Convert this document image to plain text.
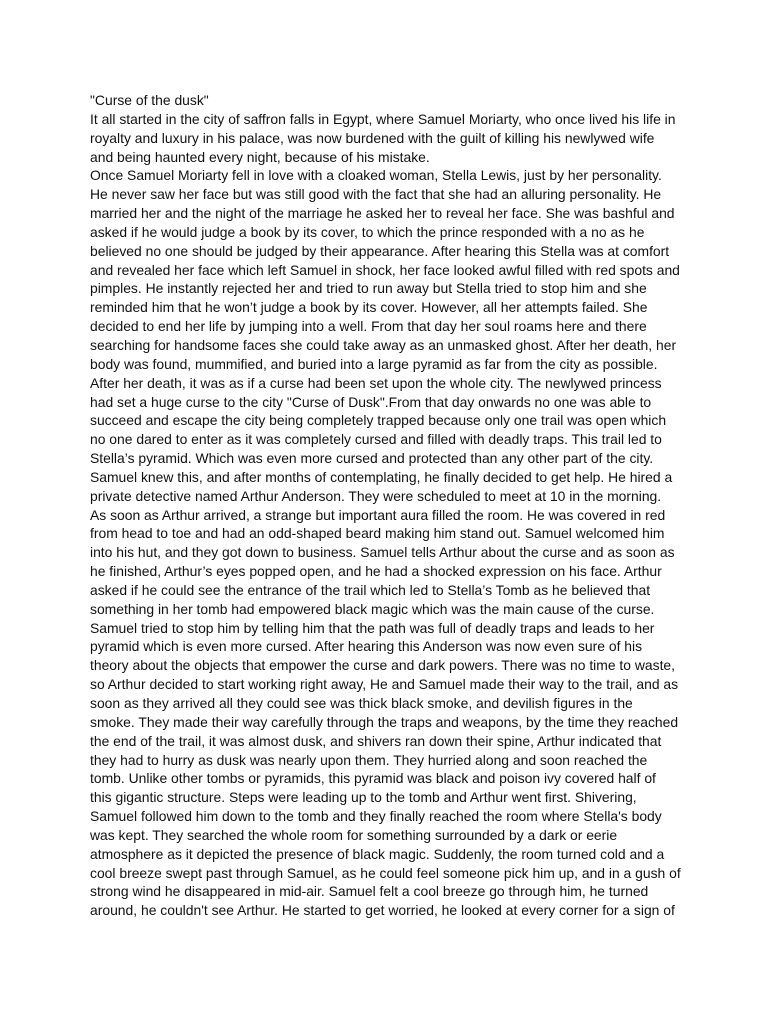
"Curse of the dusk"
It all started in the city of saffron falls in Egypt, where Samuel Moriarty, who once lived his life in
royalty and luxury in his palace, was now burdened with the guilt of killing his newlywed wife
and being haunted every night, because of his mistake.
Once Samuel Moriarty fell in love with a cloaked woman, Stella Lewis, just by her personality.
He never saw her face but was still good with the fact that she had an alluring personality. He
married her and the night of the marriage he asked her to reveal her face. She was bashful and
asked if he would judge a book by its cover, to which the prince responded with a no as he
believed no one should be judged by their appearance. After hearing this Stella was at comfort
and revealed her face which left Samuel in shock, her face looked awful filled with red spots and
pimples. He instantly rejected her and tried to run away but Stella tried to stop him and she
reminded him that he won’t judge a book by its cover. However, all her attempts failed. She
decided to end her life by jumping into a well. From that day her soul roams here and there
searching for handsome faces she could take away as an unmasked ghost. After her death, her
body was found, mummified, and buried into a large pyramid as far from the city as possible.
After her death, it was as if a curse had been set upon the whole city. The newlywed princess
had set a huge curse to the city "Curse of Dusk".From that day onwards no one was able to
succeed and escape the city being completely trapped because only one trail was open which
no one dared to enter as it was completely cursed and filled with deadly traps. This trail led to
Stella’s pyramid. Which was even more cursed and protected than any other part of the city.
Samuel knew this, and after months of contemplating, he finally decided to get help. He hired a
private detective named Arthur Anderson. They were scheduled to meet at 10 in the morning.
As soon as Arthur arrived, a strange but important aura filled the room. He was covered in red
from head to toe and had an odd-shaped beard making him stand out. Samuel welcomed him
into his hut, and they got down to business. Samuel tells Arthur about the curse and as soon as
he finished, Arthur’s eyes popped open, and he had a shocked expression on his face. Arthur
asked if he could see the entrance of the trail which led to Stella’s Tomb as he believed that
something in her tomb had empowered black magic which was the main cause of the curse.
Samuel tried to stop him by telling him that the path was full of deadly traps and leads to her
pyramid which is even more cursed. After hearing this Anderson was now even sure of his
theory about the objects that empower the curse and dark powers. There was no time to waste,
so Arthur decided to start working right away, He and Samuel made their way to the trail, and as
soon as they arrived all they could see was thick black smoke, and devilish figures in the
smoke. They made their way carefully through the traps and weapons, by the time they reached
the end of the trail, it was almost dusk, and shivers ran down their spine, Arthur indicated that
they had to hurry as dusk was nearly upon them. They hurried along and soon reached the
tomb. Unlike other tombs or pyramids, this pyramid was black and poison ivy covered half of
this gigantic structure. Steps were leading up to the tomb and Arthur went first. Shivering,
Samuel followed him down to the tomb and they finally reached the room where Stella's body
was kept. They searched the whole room for something surrounded by a dark or eerie
atmosphere as it depicted the presence of black magic. Suddenly, the room turned cold and a
cool breeze swept past through Samuel, as he could feel someone pick him up, and in a gush of
strong wind he disappeared in mid-air. Samuel felt a cool breeze go through him, he turned
around, he couldn't see Arthur. He started to get worried, he looked at every corner for a sign of
